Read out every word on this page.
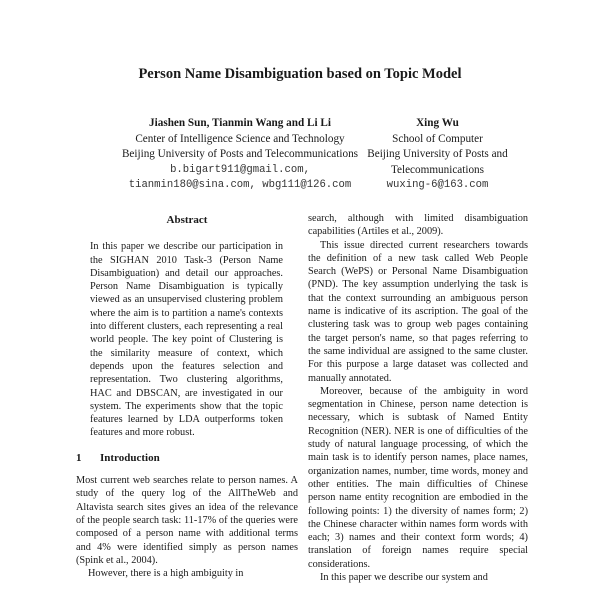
Person Name Disambiguation based on Topic Model
Jiashen Sun, Tianmin Wang and Li Li
Center of Intelligence Science and Technology
Beijing University of Posts and Telecommunications
b.bigart911@gmail.com,
tianmin180@sina.com, wbg111@126.com
Xing Wu
School of Computer
Beijing University of Posts and
Telecommunications
wuxing-6@163.com
Abstract

In this paper we describe our participation in the SIGHAN 2010 Task-3 (Person Name Disambiguation) and detail our approaches. Person Name Disambiguation is typically viewed as an unsupervised clustering problem where the aim is to partition a name's contexts into different clusters, each representing a real world people. The key point of Clustering is the similarity measure of context, which depends upon the features selection and representation. Two clustering algorithms, HAC and DBSCAN, are investigated in our system. The experiments show that the topic features learned by LDA outperforms token features and more robust.

1 Introduction

Most current web searches relate to person names. A study of the query log of the AllTheWeb and Altavista search sites gives an idea of the relevance of the people search task: 11-17% of the queries were composed of a person name with additional terms and 4% were identified simply as person names (Spink et al., 2004).

However, there is a high ambiguity in

search, although with limited disambiguation capabilities (Artiles et al., 2009).

This issue directed current researchers towards the definition of a new task called Web People Search (WePS) or Personal Name Disambiguation (PND). The key assumption underlying the task is that the context surrounding an ambiguous person name is indicative of its ascription. The goal of the clustering task was to group web pages containing the target person's name, so that pages referring to the same individual are assigned to the same cluster. For this purpose a large dataset was collected and manually annotated.

Moreover, because of the ambiguity in word segmentation in Chinese, person name detection is necessary, which is subtask of Named Entity Recognition (NER). NER is one of difficulties of the study of natural language processing, of which the main task is to identify person names, place names, organization names, number, time words, money and other entities. The main difficulties of Chinese person name entity recognition are embodied in the following points: 1) the diversity of names form; 2) the Chinese character within names form words with each; 3) names and their context form words; 4) translation of foreign names require special considerations.

In this paper we describe our system and
